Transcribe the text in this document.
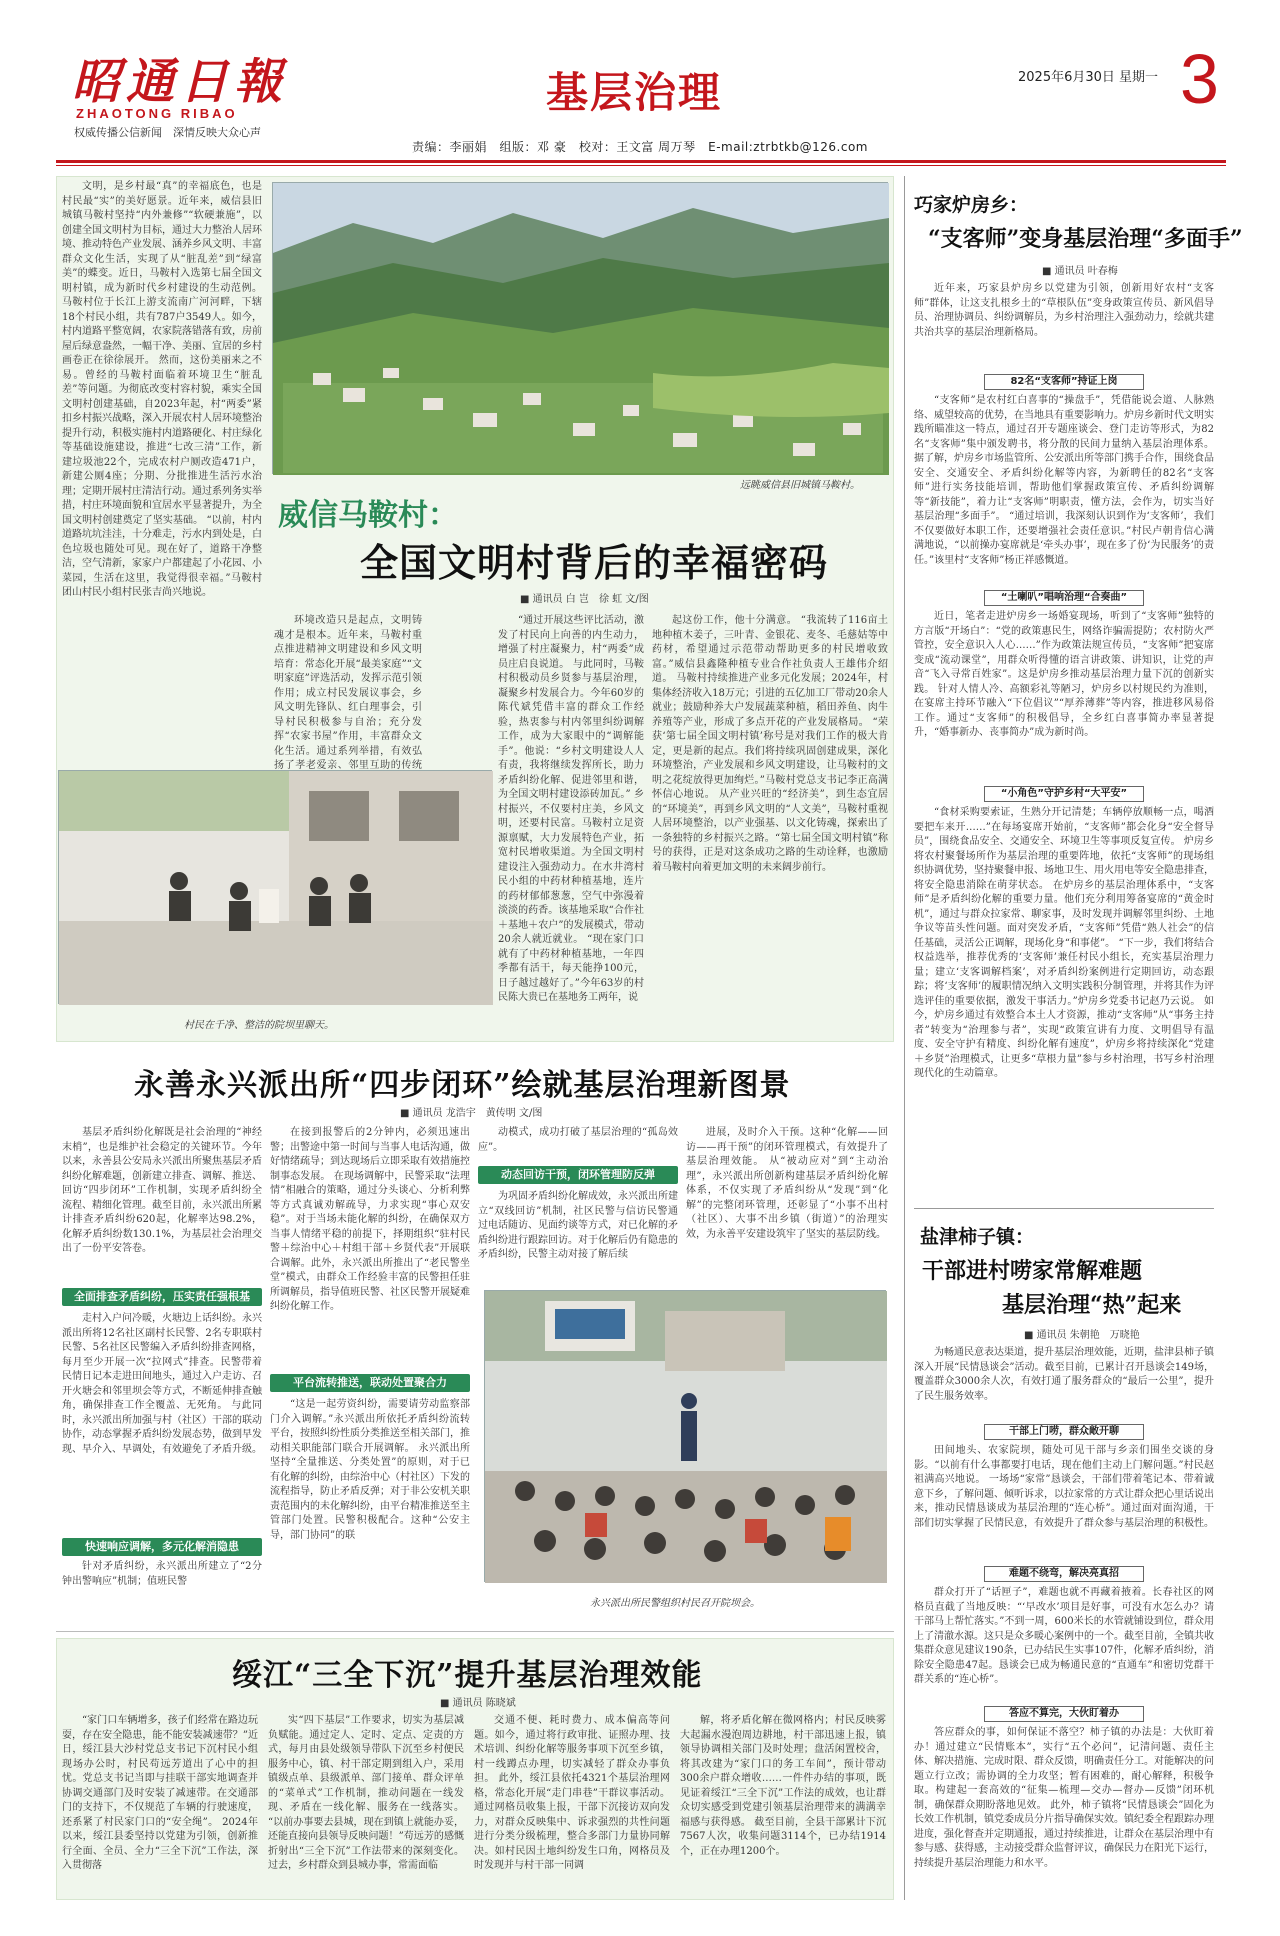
昭通日報
ZHAOTONG RIBAO
权威传播公信新闻　深情反映大众心声
基层治理	2025年6月30日 星期一 3
责编：李丽娟　组版：邓 豪　校对：王文富 周万琴　E-mail:ztrbtkb@126.com
远眺威信县旧城镇马鞍村。
威信马鞍村：
全国文明村背后的幸福密码
■ 通讯员 白 岂　徐 虹 文/图

文明，是乡村最“真”的幸福底色，也是村民最“实”的美好愿景。近年来，威信县旧城镇马鞍村坚持“内外兼修”“软硬兼施”，以创建全国文明村为目标，通过大力整治人居环境、推动特色产业发展、涵养乡风文明、丰富群众文化生活，实现了从“脏乱差”到“绿富美”的蝶变。近日，马鞍村入选第七届全国文明村镇，成为新时代乡村建设的生动范例。 马鞍村位于长江上游支流南广河河畔，下辖18个村民小组，共有787户3549人。如今，村内道路平整宽阔，农家院落错落有致，房前屋后绿意盎然，一幅干净、美丽、宜居的乡村画卷正在徐徐展开。 然而，这份美丽来之不易。曾经的马鞍村面临着环境卫生“脏乱差”等问题。为彻底改变村容村貌，乘实全国文明村创建基础，自2023年起，村“两委”紧扣乡村振兴战略，深入开展农村人居环境整治提升行动，积极实施村内道路硬化、村庄绿化等基础设施建设，推进“七改三清”工作，新建垃圾池22个，完成农村户厕改造471户，新建公厕4座；分期、分批推进生活污水治理；定期开展村庄清洁行动。通过系列务实举措，村庄环境面貌和宜居水平显著提升，为全国文明村创建奠定了坚实基础。 “以前，村内道路坑坑洼洼，十分难走，污水内到处是，白色垃圾也随处可见。现在好了，道路干净整洁，空气清新，家家户户都建起了小花园、小菜园，生活在这里，我觉得很幸福。”马鞍村团山村民小组村民张吉尚兴地说。

环境改造只是起点，文明铸魂才是根本。近年来，马鞍村重点推进精神文明建设和乡风文明培育：常态化开展“最美家庭”“文明家庭”评选活动，发挥示范引领作用；成立村民发展议事会，乡风文明先锋队、红白理事会，引导村民积极参与自治；充分发挥“农家书屋”作用，丰富群众文化生活。通过系列举措，有效弘扬了孝老爱亲、邻里互助的传统

“通过开展这些评比活动，激发了村民向上向善的内生动力，增强了村庄凝聚力，村“两委”成员庄启良说道。 与此同时，马鞍村积极动员乡贤参与基层治理，凝聚乡村发展合力。今年60岁的陈代斌凭借丰富的群众工作经验，热衷参与村内邻里纠纷调解工作，成为大家眼中的“调解能手”。他说：“乡村文明建设人人有责，我将继续发挥所长，助力矛盾纠纷化解、促进邻里和谐，为全国文明村建设添砖加瓦。” 乡村振兴，不仅要村庄美，乡风文明，还要村民富。马鞍村立足资源禀赋，大力发展特色产业，拓宽村民增收渠道。为全国文明村建设注入强劲动力。在水井湾村民小组的中药材种植基地，连片的药材郁郁葱葱，空气中弥漫着淡淡的药香。该基地采取“合作社＋基地＋农户”的发展模式，带动20余人就近就业。 “现在家门口就有了中药材种植基地，一年四季都有活干，每天能挣100元，日子越过越好了。”今年63岁的村民陈大贵已在基地务工两年，说

起这份工作，他十分满意。 “我流转了116亩土地种植木姜子，三叶青、金银花、麦冬、毛慈姑等中药材，希望通过示范带动帮助更多的村民增收致富。”威信县鑫隆种植专业合作社负责人王雄伟介绍道。 马鞍村持续推进产业多元化发展；2024年，村集体经济收入18万元；引进的五亿加工厂带动20余人就业；鼓励种养大户发展蔬菜种植，稻田养鱼、肉牛养殖等产业，形成了多点开花的产业发展格局。 “荣获‘第七届全国文明村镇’称号是对我们工作的极大肯定，更是新的起点。我们将持续巩固创建成果，深化环境整治，产业发展和乡风文明建设，让马鞍村的文明之花绽放得更加绚烂。”马鞍村党总支书记李正高满怀信心地说。 从产业兴旺的“经济美”，到生态宜居的“环境美”，再到乡风文明的“人文美”，马鞍村重视人居环境整治，以产业强基、以文化铸魂，探索出了一条独特的乡村振兴之路。“第七届全国文明村镇”称号的获得，正是对这条成功之路的生动诠释，也激励着马鞍村向着更加文明的未来阔步前行。

村民在千净、整洁的院坝里聊天。
永善永兴派出所“四步闭环”绘就基层治理新图景
■ 通讯员 龙浩宇　黄传明 文/图

基层矛盾纠纷化解既是社会治理的“神经末梢”，也是维护社会稳定的关键环节。今年以来，永善县公安局永兴派出所聚焦基层矛盾纠纷化解难题，创新建立排查、调解、推送、回访“四步闭环”工作机制，实现矛盾纠纷全流程、精细化管理。截至目前，永兴派出所累计排查矛盾纠纷620起，化解率达98.2%，化解矛盾纠纷数130.1%，为基层社会治理交出了一份平安答卷。

全面排查矛盾纠纷，压实责任强根基

走村入户问冷暖，火塘边上话纠纷。永兴派出所将12名社区副村长民警、2名专职联村民警、5名社区民警编入矛盾纠纷排查网格，每月至少开展一次“拉网式”排查。民警带着民情日记本走进田间地头，通过入户走访、召开火塘会和邻里坝会等方式，不断延伸排查触角，确保排查工作全覆盖、无死角。 与此同时，永兴派出所加强与村（社区）干部的联动协作，动态掌握矛盾纠纷发展态势，做到早发现、早介入、早调处，有效避免了矛盾升级。

快速响应调解，多元化解消隐患

针对矛盾纠纷，永兴派出所建立了“2分钟出警响应”机制；值班民警

在接到报警后的2分钟内，必须迅速出警；出警途中第一时间与当事人电话沟通，做好情绪疏导；到达现场后立即采取有效措施控制事态发展。 在现场调解中，民警采取“法理情”相融合的策略，通过分头谈心、分析利弊等方式真诚劝解疏导，力求实现“事心双安稳”。对于当场未能化解的纠纷，在确保双方当事人情绪平稳的前提下，择期组织“驻村民警＋综治中心＋村组干部＋乡贤代表”开展联合调解。此外，永兴派出所推出了“老民警坐堂”模式，由群众工作经验丰富的民警担任驻所调解员，指导值班民警、社区民警开展疑难纠纷化解工作。

平台流转推送，联动处置聚合力

“这是一起劳资纠纷，需要请劳动监察部门介入调解。”永兴派出所依托矛盾纠纷流转平台，按照纠纷性质分类推送至相关部门，推动相关职能部门联合开展调解。 永兴派出所坚持“全量推送、分类处置”的原则，对于已有化解的纠纷，由综治中心（村社区）下发的流程指导，防止矛盾反弹；对于非公安机关职责范围内的未化解纠纷，由平台精准推送至主管部门处置。民警积极配合。这种“公安主导，部门协同”的联

动模式，成功打破了基层治理的“孤岛效应”。

动态回访干预，闭环管理防反弹

为巩固矛盾纠纷化解成效，永兴派出所建立“双线回访”机制，社区民警与信访民警通过电话随访、见面约谈等方式，对已化解的矛盾纠纷进行跟踪回访。对于化解后仍有隐患的矛盾纠纷，民警主动对接了解后续

进展，及时介入干预。这种“化解——回访——再干预”的闭环管理模式，有效提升了基层治理效能。 从“被动应对”到“主动治理”，永兴派出所创新构建基层矛盾纠纷化解体系，不仅实现了矛盾纠纷从“发现”到“化解”的完整闭环管理，还彰显了“小事不出村（社区）、大事不出乡镇（街道）”的治理实效，为永善平安建设筑牢了坚实的基层防线。

永兴派出所民警组织村民召开院坝会。
绥江“三全下沉”提升基层治理效能
■ 通讯员 陈晓斌

“家门口车辆增多，孩子们经常在路边玩耍，存在安全隐患，能不能安装减速带？”近日，绥江县大沙村党总支书记下沉村民小组现场办公时，村民苟远芳道出了心中的担忧。党总支书记当即与挂联干部实地调查并协调交通部门及时安装了减速带。在交通部门的支持下，不仅规范了车辆的行驶速度，还系紧了村民家门口的“安全绳”。 2024年以来，绥江县委坚持以党建为引领，创新推行全面、全员、全力“三全下沉”工作法，深入贯彻落

实“四下基层”工作要求，切实为基层减负赋能。通过定人、定时、定点、定责的方式，每月由县处级领导带队下沉至乡村便民服务中心，镇、村干部定期到组入户，采用镇级点单、县级派单、部门接单、群众评单的“菜单式”工作机制，推动问题在一线发现、矛盾在一线化解、服务在一线落实。 “以前办事要去县城，现在到镇上就能办妥，还能直接向县领导反映问题！”苟远芳的感慨折射出“三全下沉”工作法带来的深刻变化。过去，乡村群众到县城办事，常需面临

交通不便、耗时费力、成本偏高等问题。如今，通过将行政审批、证照办理、技术培训、纠纷化解等服务事项下沉至乡镇，村一线蹲点办理，切实减轻了群众办事负担。 此外，绥江县依托4321个基层治理网格，常态化开展“走门串巷”干群议事活动。通过网格员收集上报，干部下沉接访双向发力，对群众反映集中、诉求强烈的共性问题进行分类分级梳理，整合多部门力量协同解决。如村民因土地纠纷发生口角，网格员及时发现并与村干部一同调

解，将矛盾化解在微网格内；村民反映雾大起漏水漫泡周边耕地，村干部迅速上报，镇领导协调相关部门及时处理；盘活闲置校舍，将其改建为“家门口的务工车间”，预计带动300余户群众增收……一件件办结的事项，既见证着绥江“三全下沉”工作法的成效，也让群众切实感受到党建引领基层治理带来的满满幸福感与获得感。 截至目前，全县干部累计下沉7567人次，收集问题3114个，已办结1914个，正在办理1200个。

巧家炉房乡：
“支客师”变身基层治理“多面手”
■ 通讯员 叶春梅

近年来，巧家县炉房乡以党建为引领，创新用好农村“支客师”群体，让这支扎根乡土的“草根队伍”变身政策宣传员、新风倡导员、治理协调员、纠纷调解员，为乡村治理注入强劲动力，绘就共建共治共享的基层治理新格局。

82名“支客师”持证上岗

“支客师”是农村红白喜事的“操盘手”，凭借能说会道、人脉熟络、威望较高的优势，在当地具有重要影响力。炉房乡新时代文明实践所瞄准这一特点，通过召开专题座谈会、登门走访等形式，为82名“支客师”集中颁发聘书，将分散的民间力量纳入基层治理体系。 据了解，炉房乡市场监管所、公安派出所等部门携手合作，围绕食品安全、交通安全、矛盾纠纷化解等内容，为新聘任的82名“支客师”进行实务技能培训，帮助他们掌握政策宣传、矛盾纠纷调解等“新技能”，着力让“支客师”明职责，懂方法，会作为，切实当好基层治理“多面手”。 “通过培训，我深刻认识到作为‘支客师’，我们不仅要做好本职工作，还要增强社会责任意识。”村民卢朝肯信心满满地说，“以前操办宴席就是‘牵头办事’，现在多了份‘为民服务’的责任。”该里村“支客师”杨正祥感慨道。

“土喇叭”唱响治理“合奏曲”

近日，笔者走进炉房乡一场婚宴现场，听到了“支客师”独特的方言版“开场白”：“党的政策惠民生，网络诈骗需提防；农村防火严管控，安全意识入人心……”作为政策法规宣传员，“支客师”把宴席变成“流动课堂”，用群众听得懂的语言讲政策、讲知识，让党的声音“飞入寻常百姓家”。这是炉房乡推动基层治理力量下沉的创新实践。 针对人情人冷、高额彩礼等陋习，炉房乡以村规民约为准则，在宴席主持环节融入“下位倡议”“厚养薄葬”等内容，推进移风易俗工作。通过“支客师”的积极倡导，全乡红白喜事简办率显著提升，“婚事新办、丧事简办”成为新时尚。

“小角色”守护乡村“大平安”

“食材采购要索证，生熟分开记清楚；车辆停放顺畅一点，喝酒要把车来开……”在每场宴席开始前，“支客师”都会化身“安全督导员”，围绕食品安全、交通安全、环境卫生等事项反复宣传。 炉房乡将农村聚餐场所作为基层治理的重要阵地，依托“支客师”的现场组织协调优势，坚持聚餐申报、场地卫生、用火用电等安全隐患排查，将安全隐患消除在萌芽状态。 在炉房乡的基层治理体系中，“支客师”是矛盾纠纷化解的重要力量。他们充分利用筹备宴席的“黄金时机”，通过与群众拉家常、聊家事，及时发现并调解邻里纠纷、土地争议等苗头性问题。面对突发矛盾，“支客师”凭借“熟人社会”的信任基础，灵活公正调解，现场化身“和事佬”。 “下一步，我们将结合权益选举，推荐优秀的‘支客师’兼任村民小组长，充实基层治理力量；建立‘支客调解档案’，对矛盾纠纷案例进行定期回访，动态跟踪；将‘支客师’的履职情况纳入文明实践积分制管理，并将其作为评选评佳的重要依据，激发干事活力。”炉房乡党委书记赵乃云说。 如今，炉房乡通过有效整合本土人才资源，推动“支客师”从“事务主持者”转变为“治理参与者”，实现“政策宣讲有力度、文明倡导有温度、安全守护有精度、纠纷化解有速度”，炉房乡将持续深化“党建＋乡贤”治理模式，让更多“草根力量”参与乡村治理，书写乡村治理现代化的生动篇章。

盐津柿子镇：
干部进村唠家常解难题
基层治理“热”起来
■ 通讯员 朱朝艳　万晓艳

为畅通民意表达渠道，提升基层治理效能，近期，盐津县柿子镇深入开展“民情恳谈会”活动。截至目前，已累计召开恳谈会149场，覆盖群众3000余人次，有效打通了服务群众的“最后一公里”，提升了民生服务效率。

干部上门唠，群众敞开聊

田间地头、农家院坝，随处可见干部与乡亲们围坐交谈的身影。“以前有什么事都要打电话，现在他们主动上门解问题。”村民赵祖满高兴地说。 一场场“家常”恳谈会，干部们带着笔记本、带着诚意下乡，了解问题、倾听诉求，以拉家常的方式让群众把心里话说出来，推动民情恳谈成为基层治理的“连心桥”。通过面对面沟通，干部们切实掌握了民情民意，有效提升了群众参与基层治理的积极性。

难题不绕弯，解决亮真招

群众打开了“话匣子”，难题也就不再藏着掖着。长春社区的网格员直截了当地反映：“‘早改水’项目是好事，可没有水怎么办？请干部马上帮忙落实。”不到一周，600米长的水管就铺设到位，群众用上了清澈水源。这只是众多暖心案例中的一个。截至目前，全镇共收集群众意见建议190条，已办结民生实事107件，化解矛盾纠纷，消除安全隐患47起。恳谈会已成为畅通民意的“直通车”和密切党群干群关系的“连心桥”。

答应不算完，大伙盯着办

答应群众的事，如何保证不落空？柿子镇的办法是：大伙盯着办！通过建立“民情账本”，实行“五个必问”，记清问题、责任主体、解决措施、完成时限、群众反馈，明确责任分工。对能解决的问题立行立改；需协调的全力攻坚；暂有困难的，耐心解释，积极争取。构建起一套高效的“征集—梳理—交办—督办—反馈”闭环机制，确保群众期盼落地见效。 此外，柿子镇将“民情恳谈会”固化为长效工作机制，镇党委成员分片指导确保实效。镇纪委全程跟踪办理进度，强化督查并定期通报，通过持续推进，让群众在基层治理中有参与感、获得感，主动接受群众监督评议，确保民力在阳光下运行，持续提升基层治理能力和水平。
